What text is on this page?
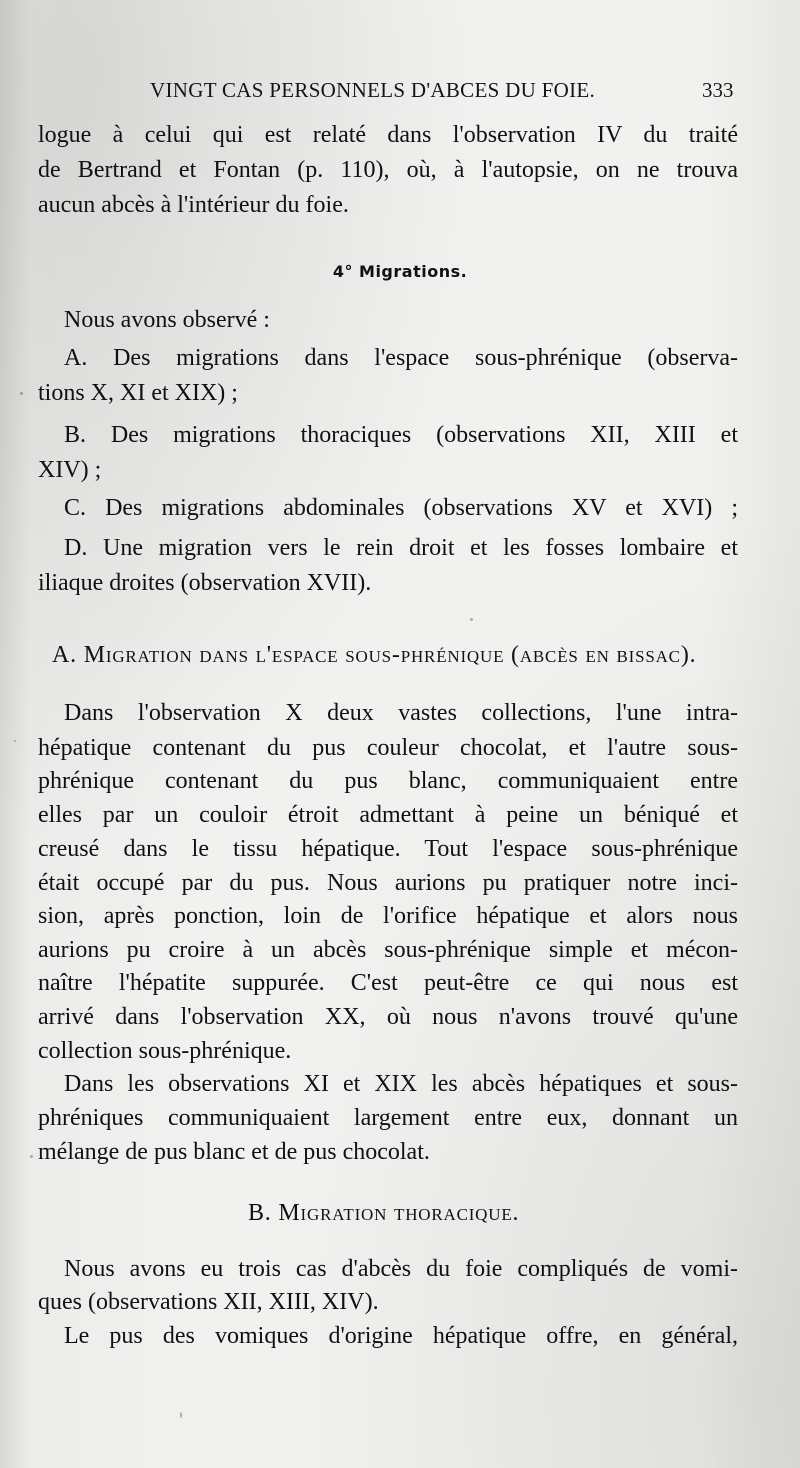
VINGT CAS PERSONNELS D'ABCES DU FOIE.	333
logue à celui qui est relaté dans l'observation IV du traité
de Bertrand et Fontan (p. 110), où, à l'autopsie, on ne trouva
aucun abcès à l'intérieur du foie.
4° Migrations.
Nous avons observé :
A. Des migrations dans l'espace sous-phrénique (observa-
tions X, XI et XIX) ;
B. Des migrations thoraciques (observations XII, XIII et
XIV) ;
C. Des migrations abdominales (observations XV et XVI) ;
D. Une migration vers le rein droit et les fosses lombaire et
iliaque droites (observation XVII).
A. Migration dans l'espace sous-phrénique (abcès en bissac).
Dans l'observation X deux vastes collections, l'une intra-
hépatique contenant du pus couleur chocolat, et l'autre sous-
phrénique contenant du pus blanc, communiquaient entre
elles par un couloir étroit admettant à peine un béniqué et
creusé dans le tissu hépatique. Tout l'espace sous-phrénique
était occupé par du pus. Nous aurions pu pratiquer notre inci-
sion, après ponction, loin de l'orifice hépatique et alors nous
aurions pu croire à un abcès sous-phrénique simple et mécon-
naître l'hépatite suppurée. C'est peut-être ce qui nous est
arrivé dans l'observation XX, où nous n'avons trouvé qu'une
collection sous-phrénique.
Dans les observations XI et XIX les abcès hépatiques et sous-
phréniques communiquaient largement entre eux, donnant un
mélange de pus blanc et de pus chocolat.
B. Migration thoracique.
Nous avons eu trois cas d'abcès du foie compliqués de vomi-
ques (observations XII, XIII, XIV).
Le pus des vomiques d'origine hépatique offre, en général,
